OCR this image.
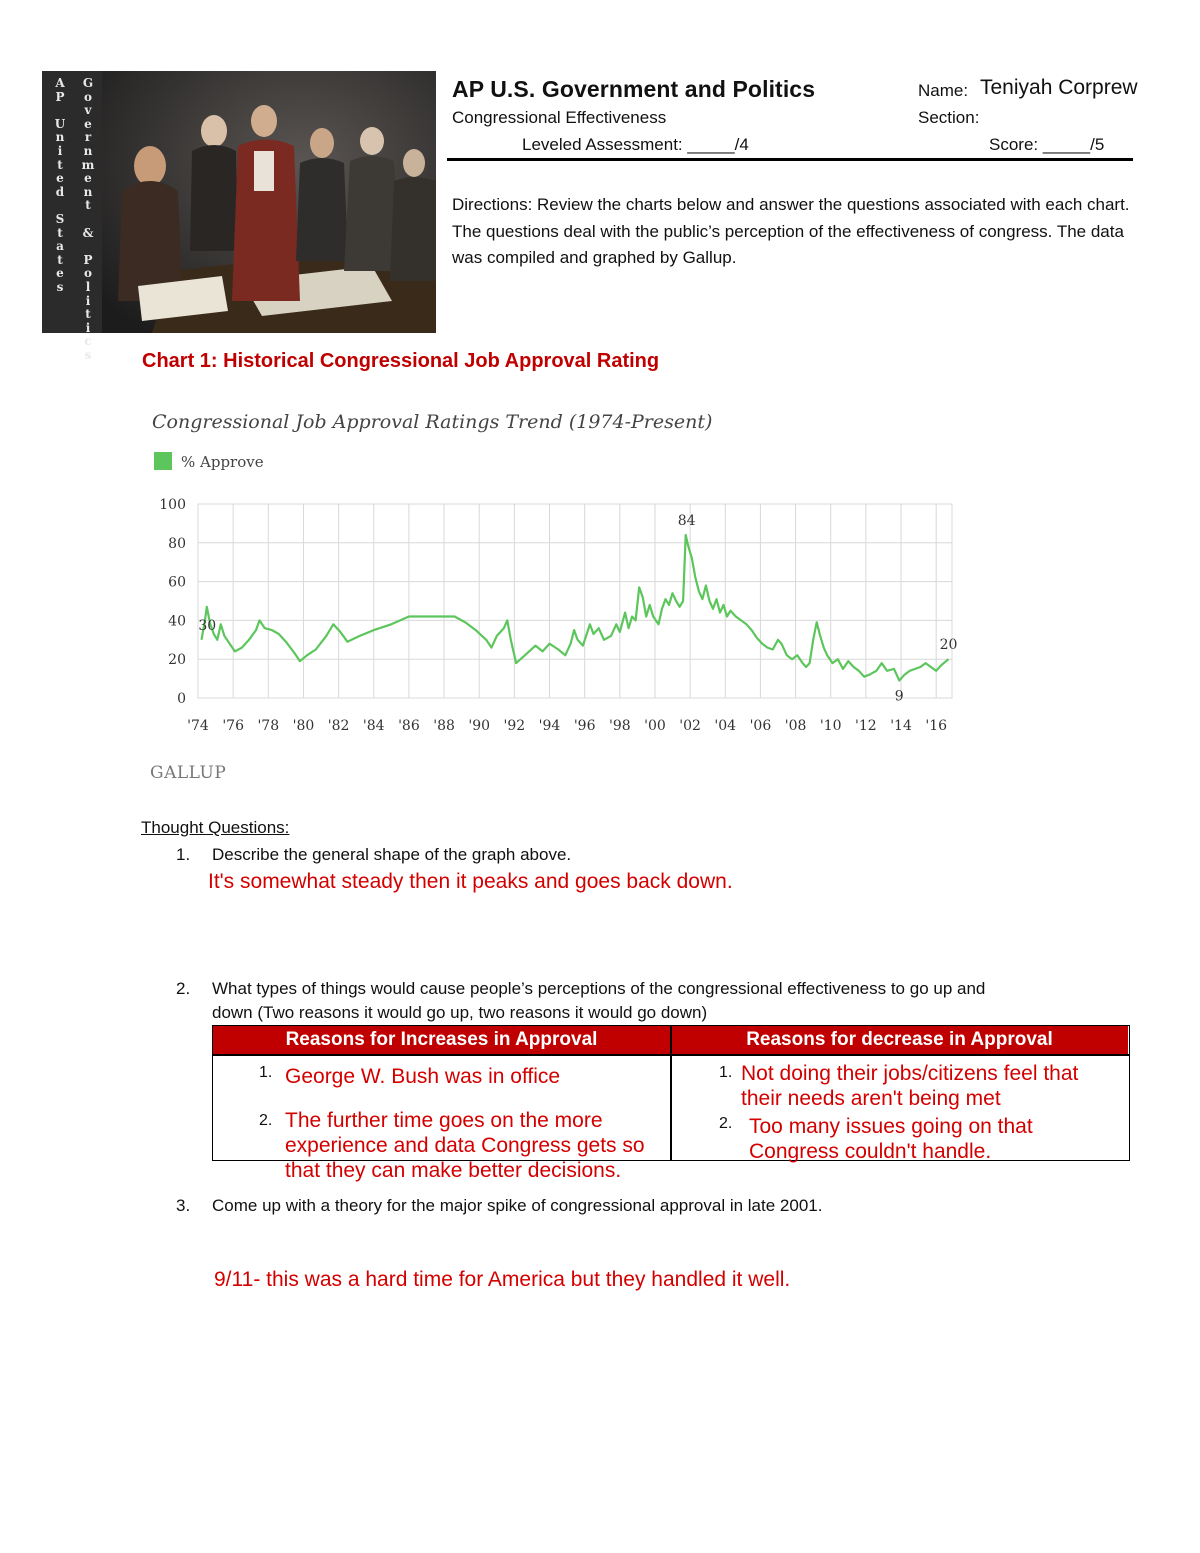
A
P

U
n
i
t
e
d

S
t
a
t
e
s
G
o
v
e
r
n
m
e
n
t

&

P
o
l
i
t
i
c
s
AP U.S. Government and Politics	Name: Teniyah Corprew
Congressional Effectiveness	Section:
Leveled Assessment: _____/4	Score: _____/5
Directions: Review the charts below and answer the questions associated with each chart. The questions deal with the public’s perception of the effectiveness of congress. The data was compiled and graphed by Gallup.
Chart 1: Historical Congressional Job Approval Rating
Congressional Job Approval Ratings Trend (1974-Present)
% Approve
0
20
40
60
80
100
'74 '76 '78 '80 '82 '84 '86 '88 '90 '92 '94 '96 '98 '00 '02 '04 '06 '08 '10 '12 '14 '16
30
84
9
20
GALLUP
Thought Questions:
1. Describe the general shape of the graph above.
It's somewhat steady then it peaks and goes back down.
2. What types of things would cause people’s perceptions of the congressional effectiveness to go up and
down (Two reasons it would go up, two reasons it would go down)
Reasons for Increases in Approval	Reasons for decrease in Approval
1. George W. Bush was in office
2. The further time goes on the more
experience and data Congress gets so
that they can make better decisions.
1. Not doing their jobs/citizens feel that
their needs aren't being met
2. Too many issues going on that
Congress couldn't handle.
3. Come up with a theory for the major spike of congressional approval in late 2001.
9/11- this was a hard time for America but they handled it well.
